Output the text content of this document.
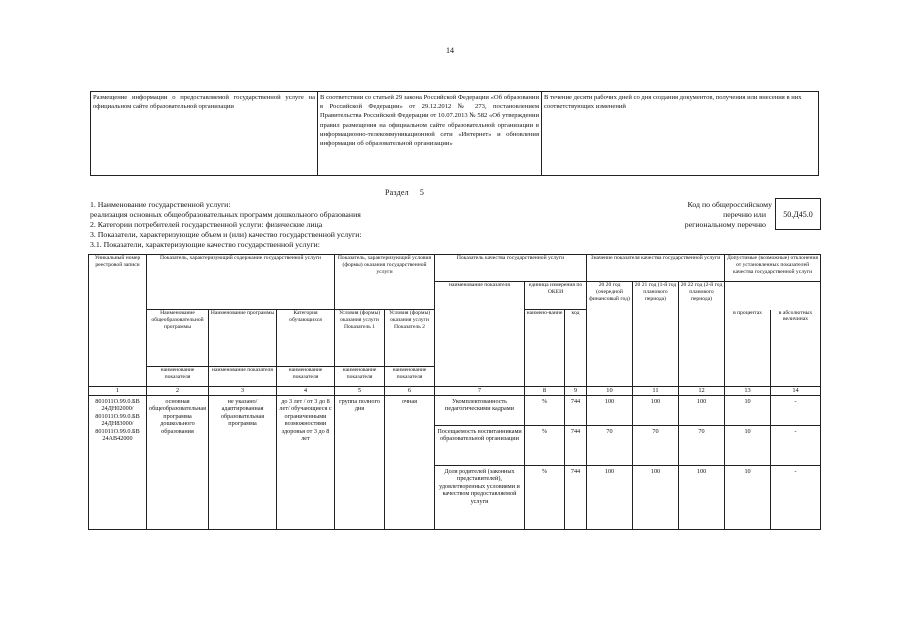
14
Размещение информации о предоставляемой государственной услуге на официальном сайте образовательной организации	В соответствии со статьей 29 закона Российской Федерации «Об образовании в Российской Федерации» от 29.12.2012 № 273, постановлением Правительства Российской Федерации от 10.07.2013 № 582 «Об утверждении правил размещения на официальном сайте образовательной организации в информационно-телекоммуникационной сети «Интернет» и обновления информации об образовательной организации»	В течение десяти рабочих дней со дня создания документов, получения или внесения в них соответствующих изменений
Раздел 5
1. Наименование государственной услуги:
реализация основных общеобразовательных программ дошкольного образования
2. Категории потребителей государственной услуги: физические лица
3. Показатели, характеризующие объем и (или) качество государственной услуги:
3.1. Показатели, характеризующие качество государственной услуги:
Код по общероссийскому
перечню или
региональному перечню
50.Д45.0
Уникальный номер реестровой записи	Показатель, характеризующий содержание государственной услуги			Показатель, характеризующий условия (формы) оказания государственной услуги		Показатель качества государственной услуги			Значение показателя качества государственной услуги			Допустимые (возможные) отклонения от установленных показателей качества государственной услуги	
						наименование показателя	единица измерения по ОКЕИ		20 20 год (очередной финансовый год)	20 21 год (1-й год планового периода)	20 22 год (2-й год планового периода)		
	Наименование общеобразовательной программы	Наименование программы	Категория обучающихся	Условия (формы) оказания услуги Показатель 1	Условия (формы) оказания услуги Показатель 2		наимено-вание	код				в процентах	в абсолютных величинах
	наименование показателя	наименование показателя	наименование показателя	наименование показателя	наименование показателя								
1	2	3	4	5	6	7	8	9	10	11	12	13	14
801011О.99.0.БВ 24ДН02000/ 801011О.99.0.БВ 24ДН83000/ 801011О.99.0.БВ 24АВ42000	основная общеобразовательная программа дошкольного образования	не указано/ адаптированная образовательная программа	до 3 лет / от 3 до 8 лет/ обучающиеся с ограниченными возможностями здоровья от 3 до 8 лет	группа полного дня	очная	Укомплектованность педагогическими кадрами	%	744	100	100	100	10	-
						Посещаемость воспитанниками образовательной организации	%	744	70	70	70	10	-
						Доля родителей (законных представителей), удовлетворенных условиями и качеством предоставляемой услуги	%	744	100	100	100	10	-
